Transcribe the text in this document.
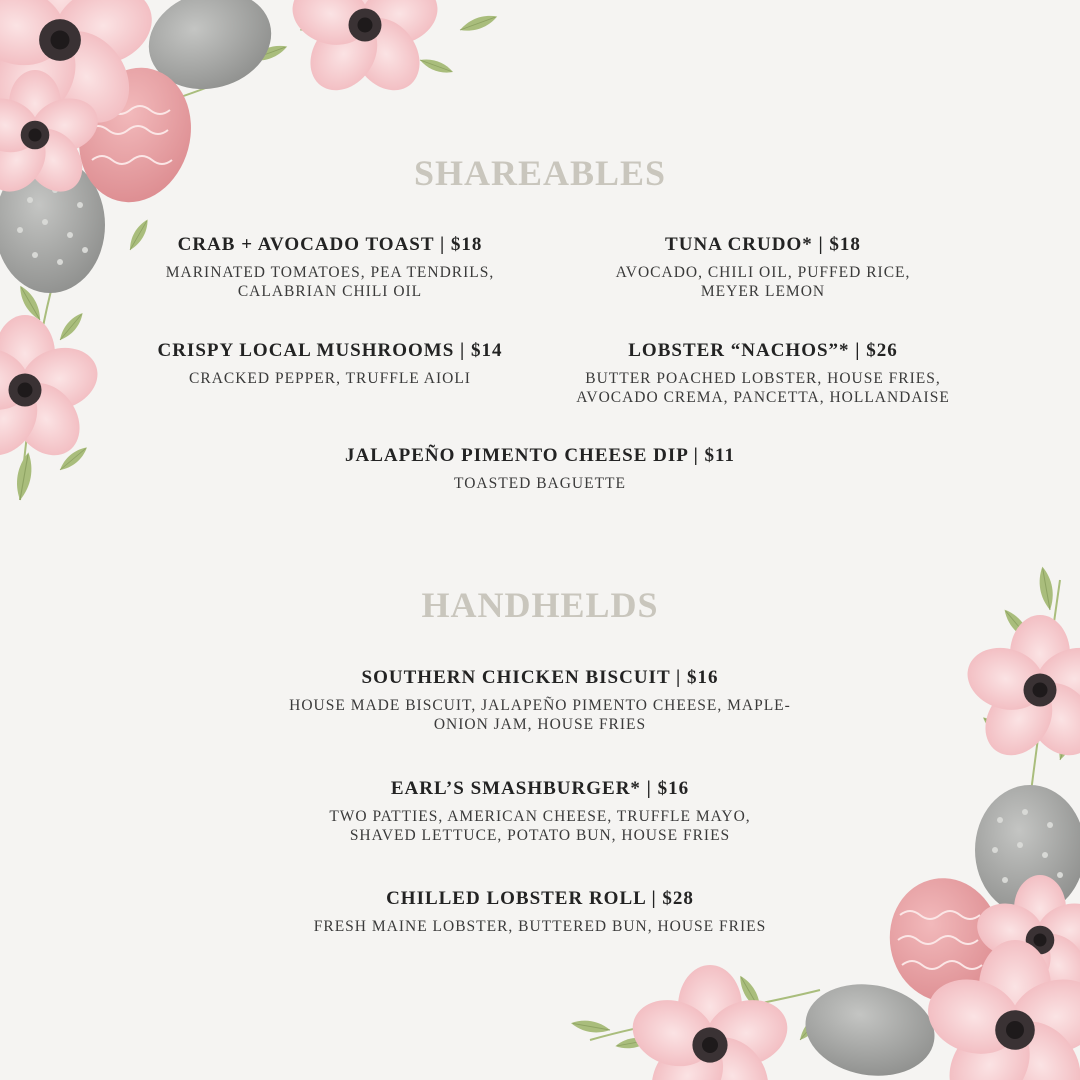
SHAREABLES

CRAB + AVOCADO TOAST | $18

MARINATED TOMATOES, PEA TENDRILS,
CALABRIAN CHILI OIL

TUNA CRUDO* | $18

AVOCADO, CHILI OIL, PUFFED RICE,
MEYER LEMON

CRISPY LOCAL MUSHROOMS | $14

CRACKED PEPPER, TRUFFLE AIOLI

LOBSTER “NACHOS”* | $26

BUTTER POACHED LOBSTER, HOUSE FRIES,
AVOCADO CREMA, PANCETTA, HOLLANDAISE

JALAPEÑO PIMENTO CHEESE DIP | $11

TOASTED BAGUETTE

HANDHELDS

SOUTHERN CHICKEN BISCUIT | $16

HOUSE MADE BISCUIT, JALAPEÑO PIMENTO CHEESE, MAPLE-
ONION JAM, HOUSE FRIES

EARL’S SMASHBURGER* | $16

TWO PATTIES, AMERICAN CHEESE, TRUFFLE MAYO,
SHAVED LETTUCE, POTATO BUN, HOUSE FRIES

CHILLED LOBSTER ROLL | $28

FRESH MAINE LOBSTER, BUTTERED BUN, HOUSE FRIES
